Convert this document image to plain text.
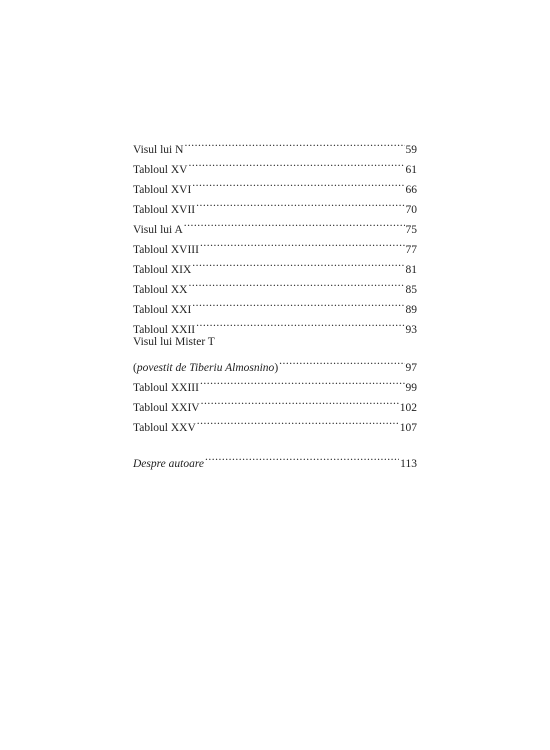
Visul lui N .....	59
Tabloul XV .....	61
Tabloul XVI .....	66
Tabloul XVII .....	70
Visul lui A .....	75
Tabloul XVIII .....	77
Tabloul XIX .....	81
Tabloul XX .....	85
Tabloul XXI .....	89
Tabloul XXII .....	93
Visul lui Mister T
(povestit de Tiberiu Almosnino) .....	97
Tabloul XXIII .....	99
Tabloul XXIV .....	102
Tabloul XXV .....	107
Despre autoare .....	113
